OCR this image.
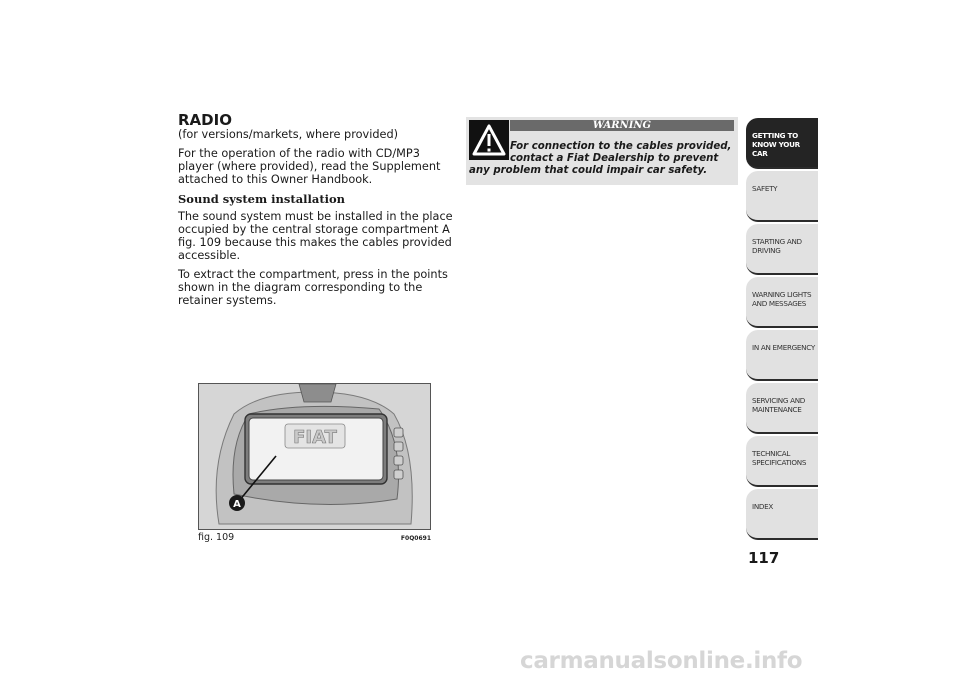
RADIO

(for versions/markets, where provided)

For the operation of the radio with CD/MP3 player (where provided), read the Supplement attached to this Owner Handbook.

Sound system installation

The sound system must be installed in the place occupied by the central storage compartment A fig. 109 because this makes the cables provided accessible.

To extract the compartment, press in the points shown in the diagram corresponding to the retainer systems.

FIAT
A
fig. 109	F0Q0691
WARNING

For connection to the cables provided,
contact a Fiat Dealership to prevent
any problem that could impair car safety.

GETTING TO KNOW YOUR CAR
SAFETY
STARTING AND DRIVING
WARNING LIGHTS AND MESSAGES
IN AN EMERGENCY
SERVICING AND MAINTENANCE
TECHNICAL SPECIFICATIONS
INDEX
117
carmanualsonline.info
